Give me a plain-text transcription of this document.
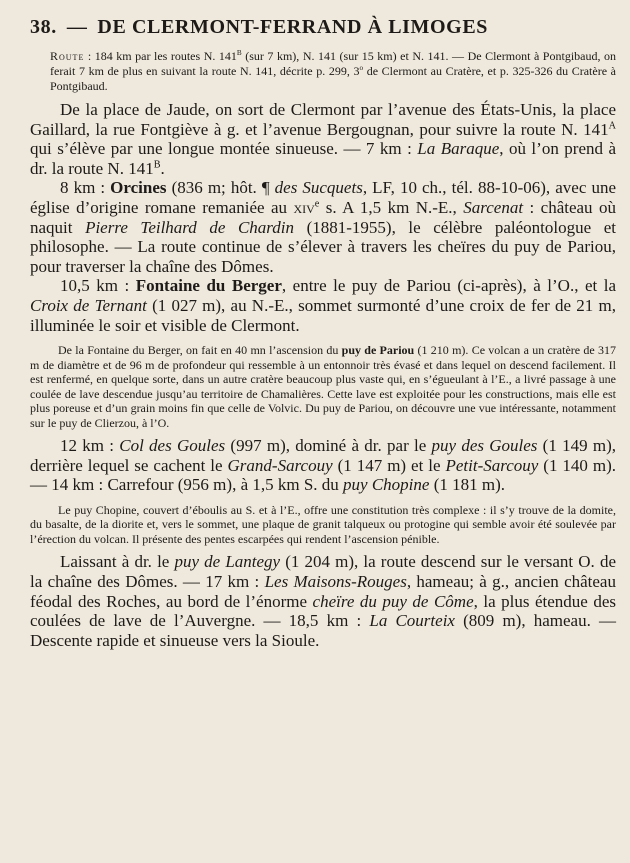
38. — DE CLERMONT-FERRAND À LIMOGES

Route : 184 km par les routes N. $141^B$ (sur 7 km), N. 141 (sur 15 km) et N. 141. — De Clermont à Pontgibaud, on ferait 7 km de plus en suivant la route N. 141, décrite p. 299, 3$^o$ de Clermont au Cratère, et p. 325-326 du Cratère à Pontgibaud.

De la place de Jaude, on sort de Clermont par l’avenue des États-Unis, la place Gaillard, la rue Fontgiève à g. et l’avenue Bergougnan, pour suivre la route N. $141^A$ qui s’élève par une longue montée sinueuse. — 7 km : La Baraque, où l’on prend à dr. la route N. $141^B$.

8 km : Orcines (836 m; hôt. ¶ des Sucquets, LF, 10 ch., tél. 88-10-06), avec une église d’origine romane remaniée au xiv$^e$ s. A 1,5 km N.-E., Sarcenat : château où naquit Pierre Teilhard de Chardin (1881-1955), le célèbre paléontologue et philosophe. — La route continue de s’élever à travers les cheïres du puy de Pariou, pour traverser la chaîne des Dômes.

10,5 km : Fontaine du Berger, entre le puy de Pariou (ci-après), à l’O., et la Croix de Ternant (1 027 m), au N.-E., sommet surmonté d’une croix de fer de 21 m, illuminée le soir et visible de Clermont.

De la Fontaine du Berger, on fait en 40 mn l’ascension du puy de Pariou (1 210 m). Ce volcan a un cratère de 317 m de diamètre et de 96 m de profondeur qui ressemble à un entonnoir très évasé et dans lequel on descend facilement. Il est renfermé, en quelque sorte, dans un autre cratère beaucoup plus vaste qui, en s’égueulant à l’E., a livré passage à une coulée de lave descendue jusqu’au territoire de Chamalières. Cette lave est exploitée pour les constructions, mais elle est plus poreuse et d’un grain moins fin que celle de Volvic. Du puy de Pariou, on découvre une vue intéressante, notamment sur le puy de Clierzou, à l’O.

12 km : Col des Goules (997 m), dominé à dr. par le puy des Goules (1 149 m), derrière lequel se cachent le Grand-Sarcouy (1 147 m) et le Petit-Sarcouy (1 140 m). — 14 km : Carrefour (956 m), à 1,5 km S. du puy Chopine (1 181 m).

Le puy Chopine, couvert d’éboulis au S. et à l’E., offre une constitution très complexe : il s’y trouve de la domite, du basalte, de la diorite et, vers le sommet, une plaque de granit talqueux ou protogine qui semble avoir été soulevée par l’érection du volcan. Il présente des pentes escarpées qui rendent l’ascension pénible.

Laissant à dr. le puy de Lantegy (1 204 m), la route descend sur le versant O. de la chaîne des Dômes. — 17 km : Les Maisons-Rouges, hameau; à g., ancien château féodal des Roches, au bord de l’énorme cheïre du puy de Côme, la plus étendue des coulées de lave de l’Auvergne. — 18,5 km : La Courteix (809 m), hameau. — Descente rapide et sinueuse vers la Sioule.
